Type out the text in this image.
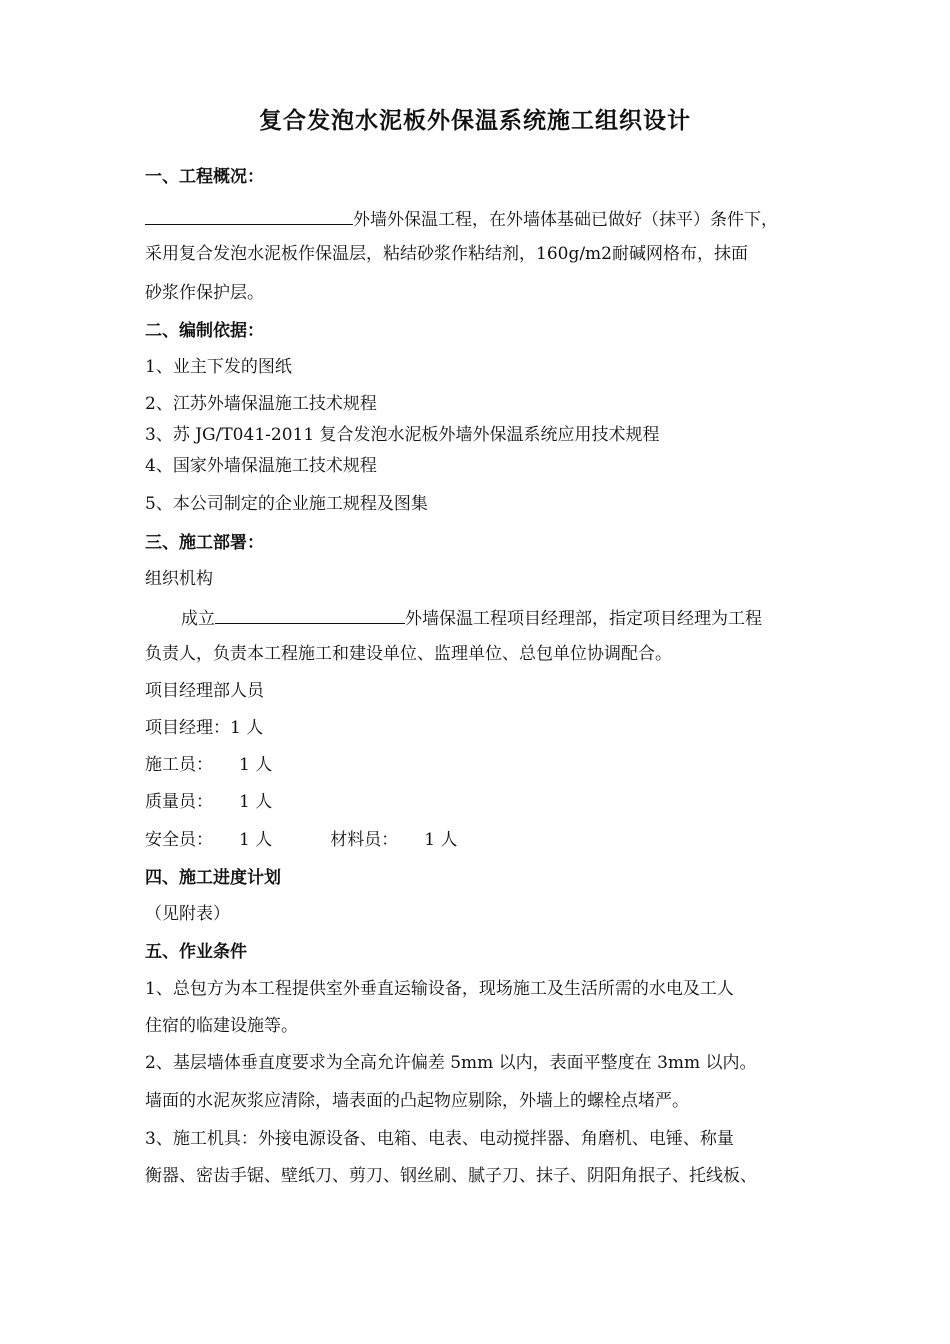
复合发泡水泥板外保温系统施工组织设计
一、工程概况：
外墙外保温工程，在外墙体基础已做好（抹平）条件下，
采用复合发泡水泥板作保温层，粘结砂浆作粘结剂，160g/m2耐碱网格布，抹面
砂浆作保护层。
二、编制依据：
1、业主下发的图纸
2、江苏外墙保温施工技术规程
3、苏 JG/T041-2011 复合发泡水泥板外墙外保温系统应用技术规程
4、国家外墙保温施工技术规程
5、本公司制定的企业施工规程及图集
三、施工部署：
组织机构
成立	外墙保温工程项目经理部，指定项目经理为工程
负责人，负责本工程施工和建设单位、监理单位、总包单位协调配合。
项目经理部人员
项目经理：1 人
施工员： 1 人
质量员： 1 人
安全员： 1 人	材料员： 1 人
四、施工进度计划
（见附表）
五、作业条件
1、总包方为本工程提供室外垂直运输设备，现场施工及生活所需的水电及工人
住宿的临建设施等。
2、基层墙体垂直度要求为全高允许偏差 5mm 以内，表面平整度在 3mm 以内。
墙面的水泥灰浆应清除，墙表面的凸起物应剔除，外墙上的螺栓点堵严。
3、施工机具：外接电源设备、电箱、电表、电动搅拌器、角磨机、电锤、称量
衡器、密齿手锯、壁纸刀、剪刀、钢丝刷、腻子刀、抹子、阴阳角抿子、托线板、
